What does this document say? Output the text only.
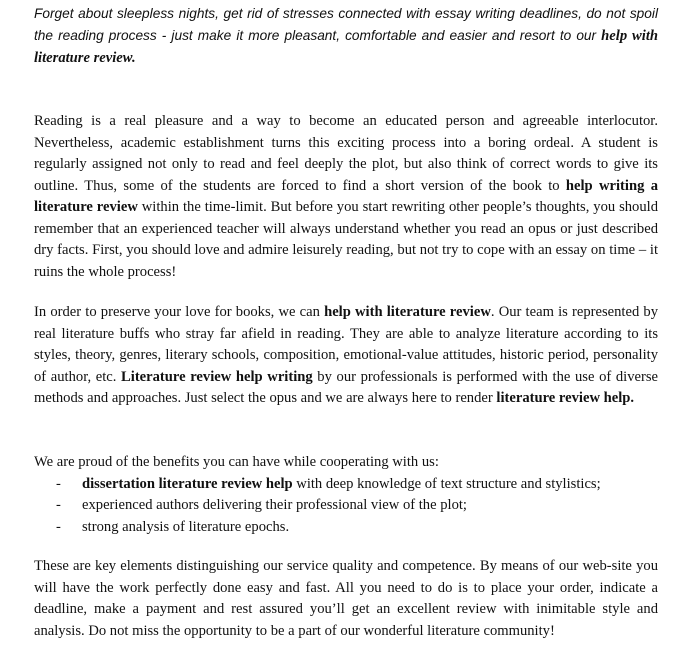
Forget about sleepless nights, get rid of stresses connected with essay writing deadlines, do not spoil the reading process - just make it more pleasant, comfortable and easier and resort to our help with literature review.

Reading is a real pleasure and a way to become an educated person and agreeable interlocutor. Nevertheless, academic establishment turns this exciting process into a boring ordeal. A student is regularly assigned not only to read and feel deeply the plot, but also think of correct words to give its outline. Thus, some of the students are forced to find a short version of the book to help writing a literature review within the time-limit. But before you start rewriting other people’s thoughts, you should remember that an experienced teacher will always understand whether you read an opus or just described dry facts. First, you should love and admire leisurely reading, but not try to cope with an essay on time – it ruins the whole process!

In order to preserve your love for books, we can help with literature review. Our team is represented by real literature buffs who stray far afield in reading. They are able to analyze literature according to its styles, theory, genres, literary schools, composition, emotional-value attitudes, historic period, personality of author, etc. Literature review help writing by our professionals is performed with the use of diverse methods and approaches. Just select the opus and we are always here to render literature review help.

We are proud of the benefits you can have while cooperating with us:

- dissertation literature review help with deep knowledge of text structure and stylistics;
- experienced authors delivering their professional view of the plot;
- strong analysis of literature epochs.

These are key elements distinguishing our service quality and competence. By means of our web-site you will have the work perfectly done easy and fast. All you need to do is to place your order, indicate a deadline, make a payment and rest assured you’ll get an excellent review with inimitable style and analysis. Do not miss the opportunity to be a part of our wonderful literature community!
